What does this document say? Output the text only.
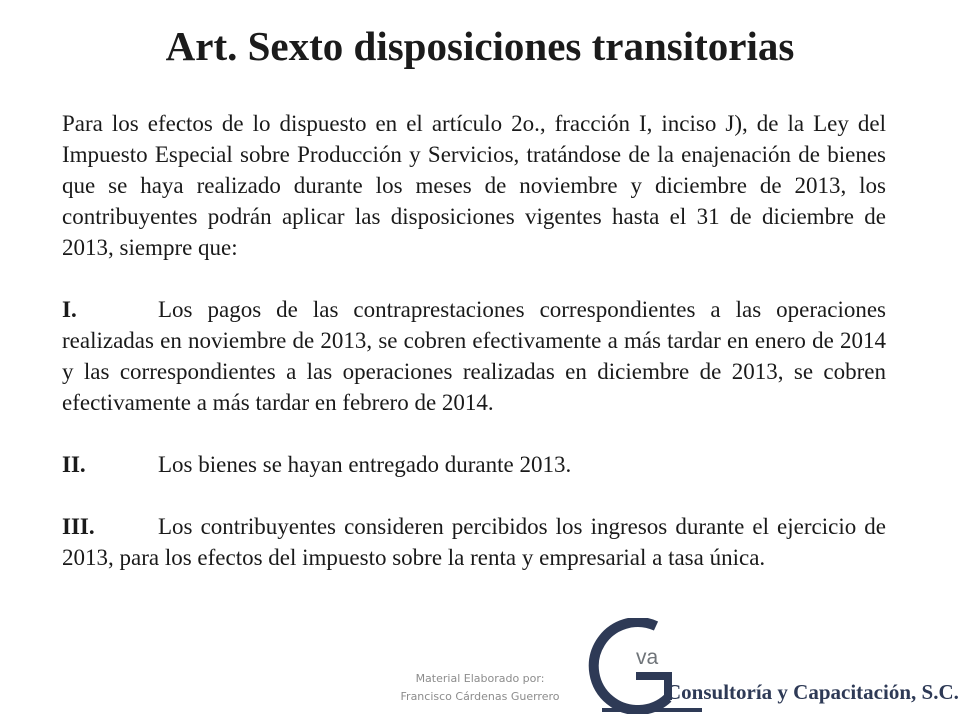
Art. Sexto disposiciones transitorias

Para los efectos de lo dispuesto en el artículo 2o., fracción I, inciso J), de la Ley del Impuesto Especial sobre Producción y Servicios, tratándose de la enajenación de bienes que se haya realizado durante los meses de noviembre y diciembre de 2013, los contribuyentes podrán aplicar las disposiciones vigentes hasta el 31 de diciembre de 2013, siempre que:

I.	Los pagos de las contraprestaciones correspondientes a las operaciones realizadas en noviembre de 2013, se cobren efectivamente a más tardar en enero de 2014 y las correspondientes a las operaciones realizadas en diciembre de 2013, se cobren efectivamente a más tardar en febrero de 2014.

II.	Los bienes se hayan entregado durante 2013.

III.	Los contribuyentes consideren percibidos los ingresos durante el ejercicio de 2013, para los efectos del impuesto sobre la renta y empresarial a tasa única.

Material Elaborado por:
Francisco Cárdenas Guerrero
va
Consultoría y Capacitación, S.C.
